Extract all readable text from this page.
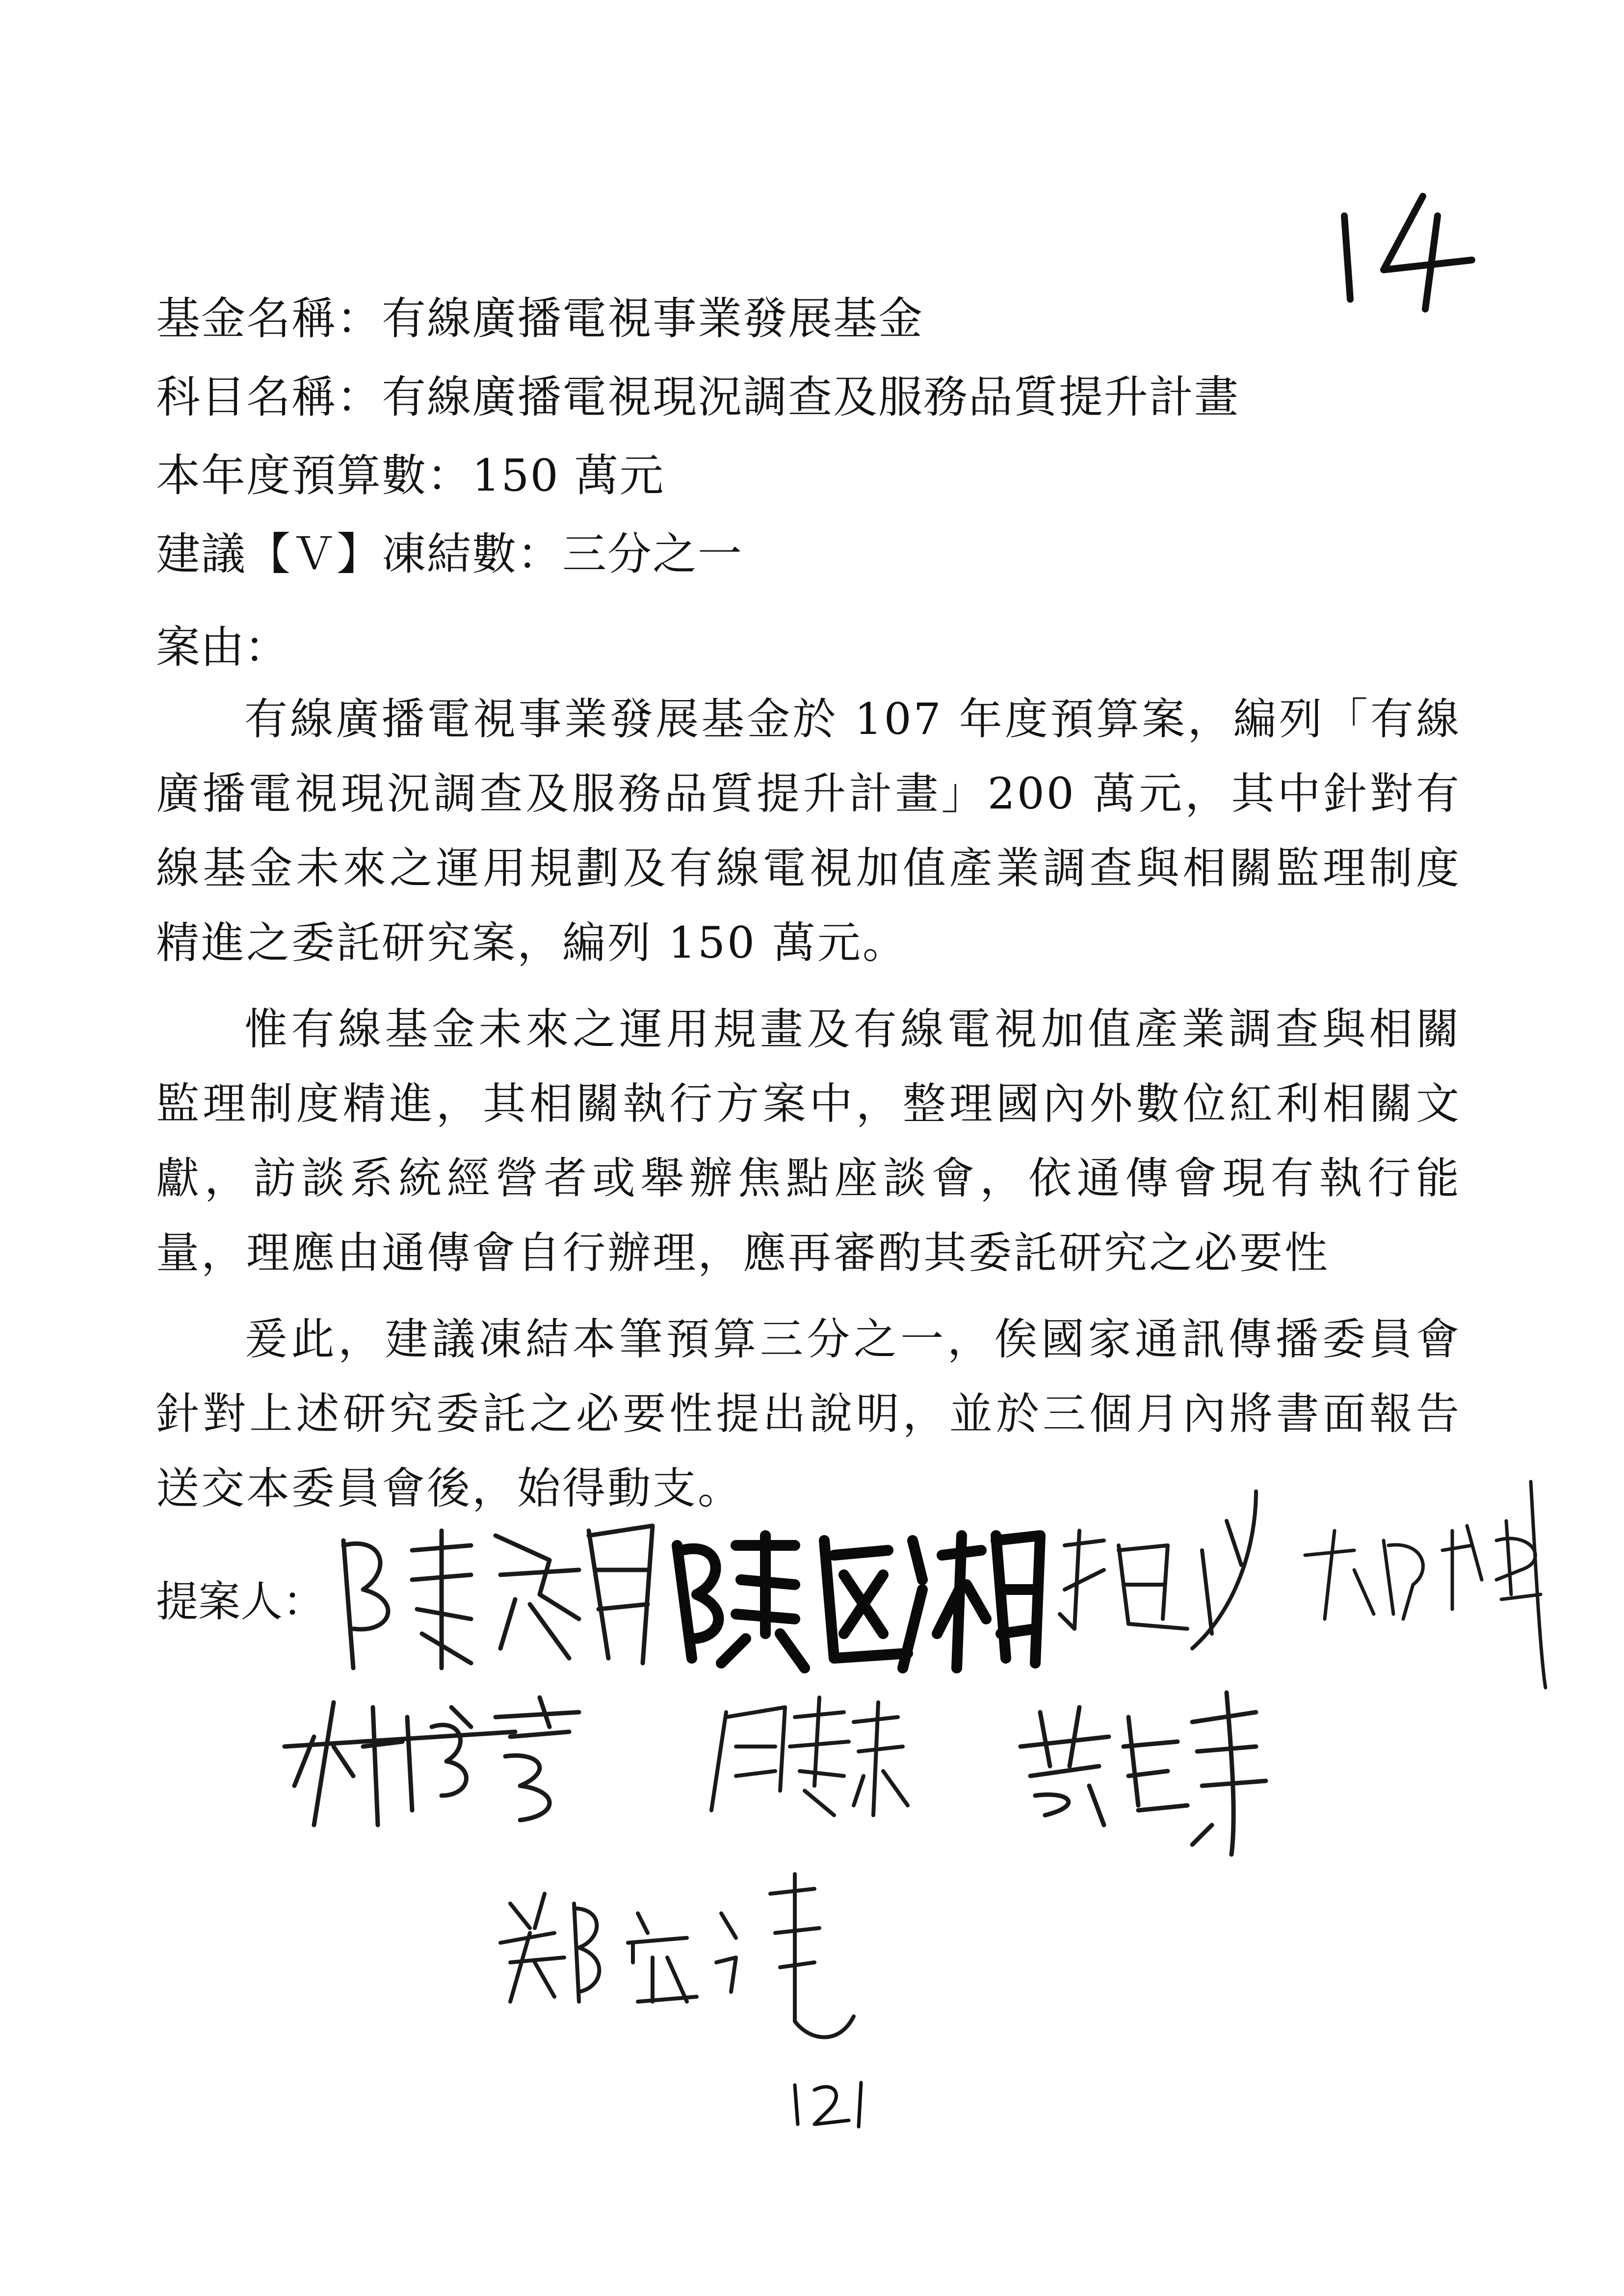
基金名稱：有線廣播電視事業發展基金
科目名稱：有線廣播電視現況調查及服務品質提升計畫
本年度預算數：150 萬元
建議【Ｖ】凍結數：三分之一
案由：

有線廣播電視事業發展基金於 107 年度預算案，編列「有線廣播電視現況調查及服務品質提升計畫」200 萬元，其中針對有線基金未來之運用規劃及有線電視加值產業調查與相關監理制度精進之委託研究案，編列 150 萬元。

惟有線基金未來之運用規畫及有線電視加值產業調查與相關監理制度精進，其相關執行方案中，整理國內外數位紅利相關文獻，訪談系統經營者或舉辦焦點座談會，依通傳會現有執行能量，理應由通傳會自行辦理，應再審酌其委託研究之必要性

爰此，建議凍結本筆預算三分之一，俟國家通訊傳播委員會針對上述研究委託之必要性提出說明，並於三個月內將書面報告送交本委員會後，始得動支。

提案人：
